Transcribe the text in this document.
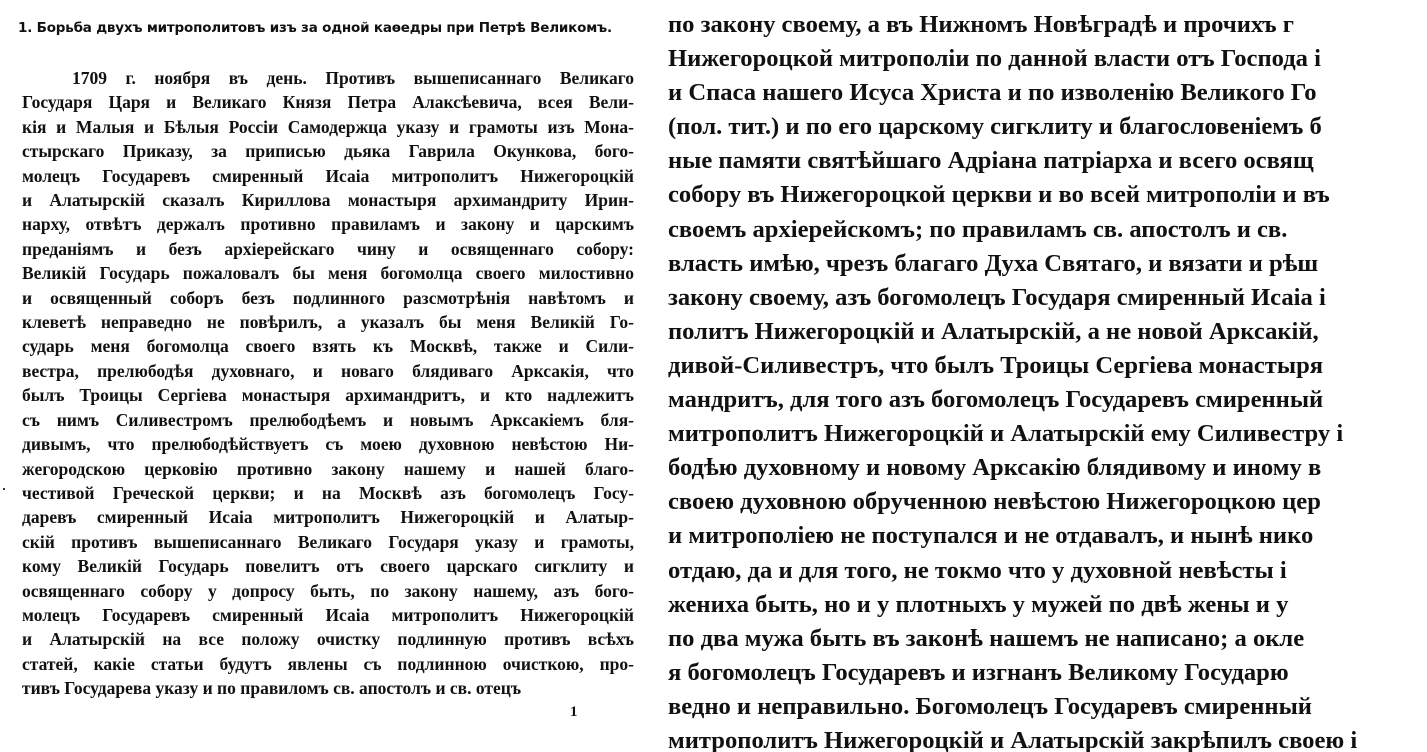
1. Борьба двухъ митрополитовъ изъ за одной каѳедры при Петрѣ Великомъ.
1709 г. ноября въ день. Противъ вышеписаннаго Великаго
Государя Царя и Великаго Князя Петра Алаксѣевича, всея Вели-
кія и Малыя и Бѣлыя Россіи Самодержца указу и грамоты изъ Мона-
стырскаго Приказу, за приписью дьяка Гаврила Окункова, бого-
молецъ Государевъ смиренный Исаіа митрополитъ Нижегороцкій
и Алатырскій сказалъ Кириллова монастыря архимандриту Ирин-
нарху, отвѣтъ держалъ противно правиламъ и закону и царскимъ
преданіямъ и безъ архіерейскаго чину и освященнаго собору:
Великій Государь пожаловалъ бы меня богомолца своего милостивно
и освященный соборъ безъ подлинного разсмотрѣнія навѣтомъ и
клеветѣ неправедно не повѣрилъ, а указалъ бы меня Великій Го-
сударь меня богомолца своего взять къ Москвѣ, также и Сили-
вестра, прелюбодѣя духовнаго, и новаго блядиваго Арксакія, что
былъ Троицы Сергіева монастыря архимандритъ, и кто надлежитъ
съ нимъ Силивестромъ прелюбодѣемъ и новымъ Арксакіемъ бля-
дивымъ, что прелюбодѣйствуетъ съ моею духовною невѣстою Ни-
жегородскою церковію противно закону нашему и нашей благо-
честивой Греческой церкви; и на Москвѣ азъ богомолецъ Госу-
даревъ смиренный Исаіа митрополитъ Нижегороцкій и Алатыр-
скій противъ вышеписаннаго Великаго Государя указу и грамоты,
кому Великій Государь повелитъ отъ своего царскаго сигклиту и
освященнаго собору у допросу быть, по закону нашему, азъ бого-
молецъ Государевъ смиренный Исаіа митрополитъ Нижегороцкій
и Алатырскій на все положу очистку подлинную противъ всѣхъ
статей, какіе статьи будутъ явлены съ подлинною очисткою, про-
тивъ Государева указу и по правиломъ св. апостолъ и св. отецъ
1
по закону своему, а въ Нижномъ Новѣградѣ и прочихъ г
Нижегороцкой митрополіи по данной власти отъ Господа і
и Спаса нашего Исуса Христа и по изволенію Великого Го
(пол. тит.) и по его царскому сигклиту и благословеніемъ б
ные памяти святѣйшаго Адріана патріарха и всего освящ
собору въ Нижегороцкой церкви и во всей митрополіи и въ
своемъ архіерейскомъ; по правиламъ св. апостолъ и св.
власть имѣю, чрезъ благаго Духа Святаго, и вязати и рѣш
закону своему, азъ богомолецъ Государя смиренный Исаіа і
политъ Нижегороцкій и Алатырскій, а не новой Арксакій,
дивой-Силивестръ, что былъ Троицы Сергіева монастыря
мандритъ, для того азъ богомолецъ Государевъ смиренный
митрополитъ Нижегороцкій и Алатырскій ему Силивестру і
бодѣю духовному и новому Арксакію блядивому и иному в
своею духовною обрученною невѣстою Нижегороцкою цер
и митрополіею не поступался и не отдавалъ, и нынѣ нико
отдаю, да и для того, не токмо что у духовной невѣсты і
жениха быть, но и у плотныхъ у мужей по двѣ жены и у
по два мужа быть въ законѣ нашемъ не написано; а окле
я богомолецъ Государевъ и изгнанъ Великому Государю
ведно и неправильно. Богомолецъ Государевъ смиренный
митрополитъ Нижегороцкій и Алатырскій закрѣпилъ своею і
